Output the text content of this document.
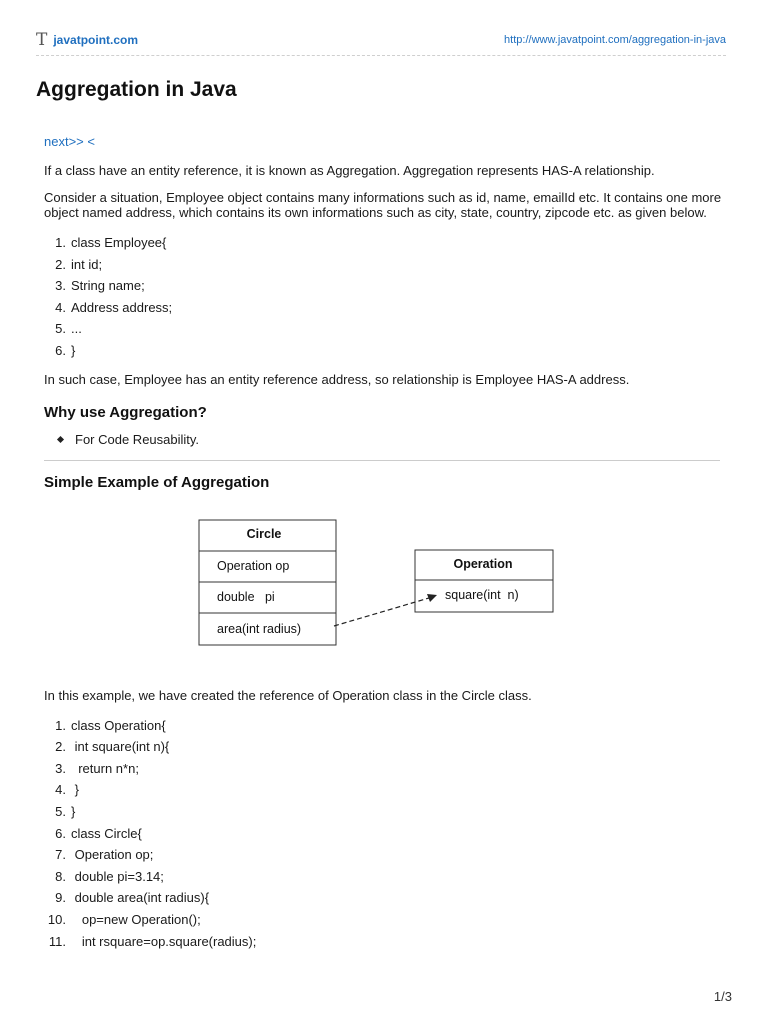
T javatpoint.com	http://www.javatpoint.com/aggregation-in-java
Aggregation in Java
next>> <

If a class have an entity reference, it is known as Aggregation. Aggregation represents HAS-A relationship.

Consider a situation, Employee object contains many informations such as id, name, emailId etc. It contains one more object named address, which contains its own informations such as city, state, country, zipcode etc. as given below.

1. class Employee{
2. int id;
3. String name;
4. Address address;
5. ...
6. }

In such case, Employee has an entity reference address, so relationship is Employee HAS-A address.

Why use Aggregation?
For Code Reusability.
Simple Example of Aggregation
Circle
Operation op
double   pi
area(int radius)
Operation
square(int  n)

In this example, we have created the reference of Operation class in the Circle class.

1. class Operation{
2. int square(int n){
3. return n*n;
4. }
5. }
6. class Circle{
7. Operation op;
8. double pi=3.14;
9. double area(int radius){
10. op=new Operation();
11. int rsquare=op.square(radius);
1/3
